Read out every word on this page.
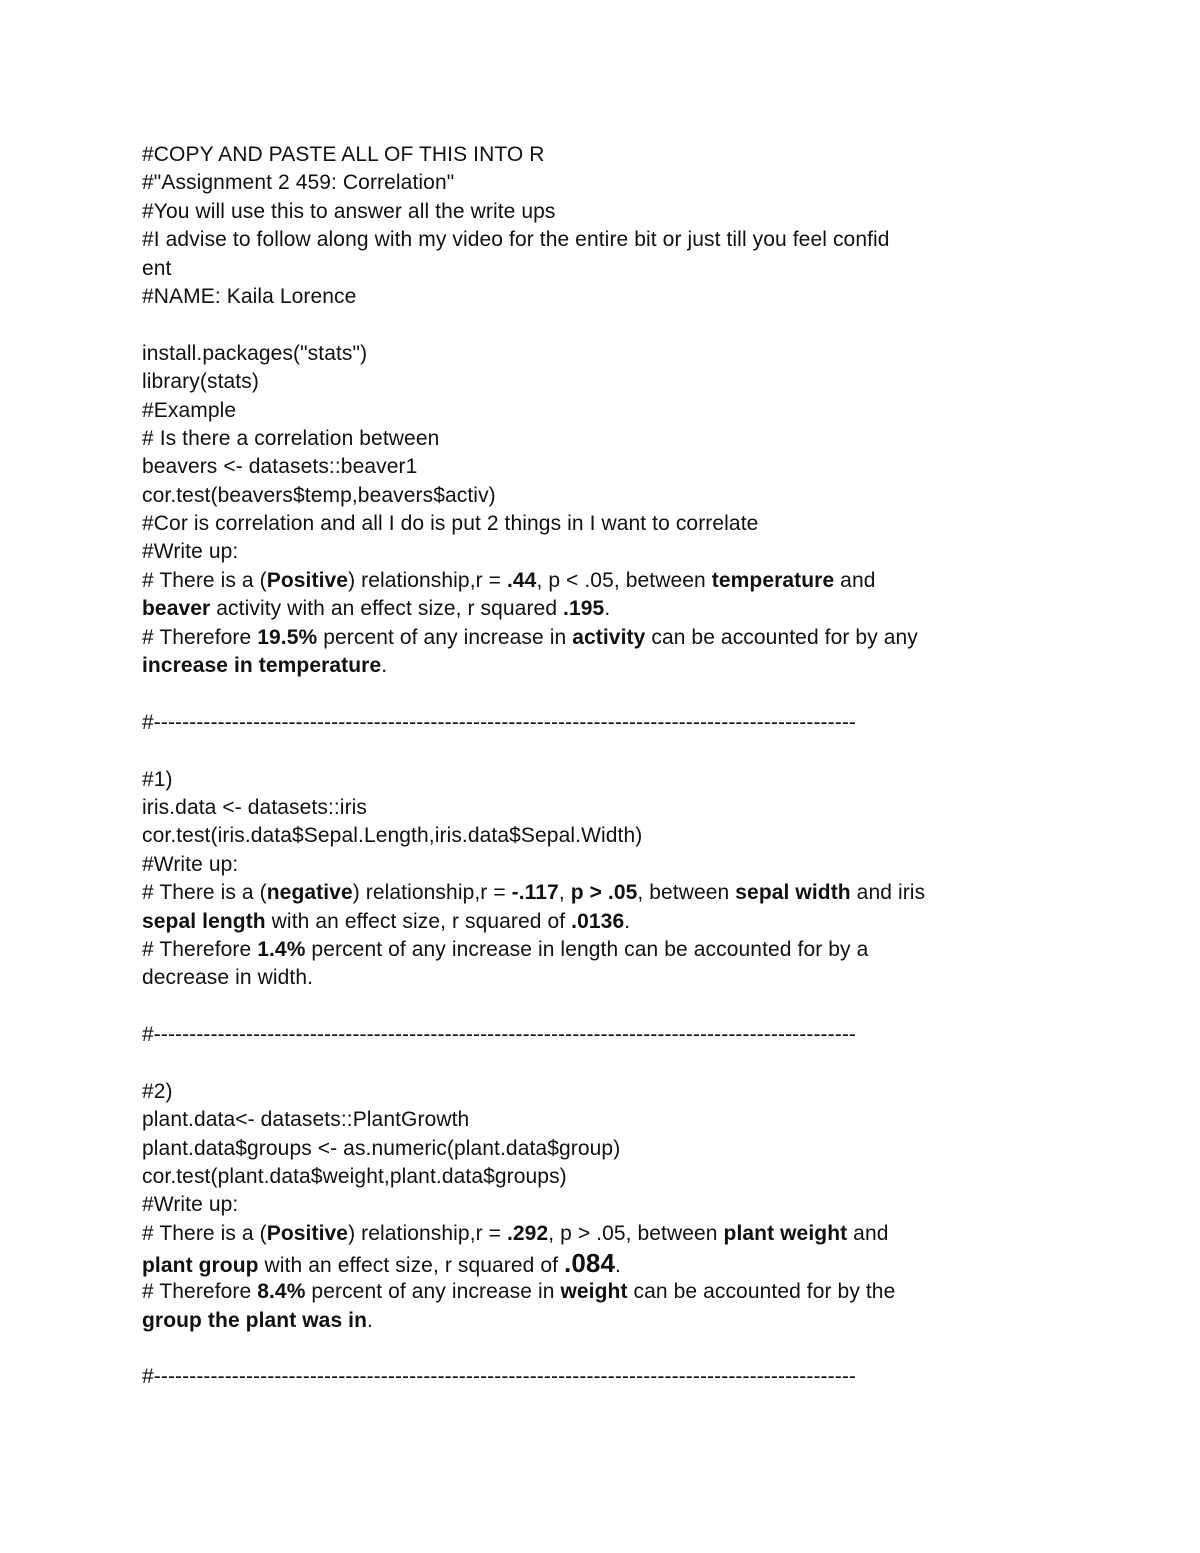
#COPY AND PASTE ALL OF THIS INTO R
#"Assignment 2 459: Correlation"
#You will use this to answer all the write ups
#I advise to follow along with my video for the entire bit or just till you feel confid
ent
#NAME: Kaila Lorence
install.packages("stats")
library(stats)
#Example
# Is there a correlation between
beavers <- datasets::beaver1
cor.test(beavers$temp,beavers$activ)
#Cor is correlation and all I do is put 2 things in I want to correlate
#Write up:
# There is a (Positive) relationship,r = .44, p < .05, between temperature and
beaver activity with an effect size, r squared .195.
# Therefore 19.5% percent of any increase in activity can be accounted for by any
increase in temperature.
#---------------------------------------------------------------------------------------------------
#1)
iris.data <- datasets::iris
cor.test(iris.data$Sepal.Length,iris.data$Sepal.Width)
#Write up:
# There is a (negative) relationship,r = -.117, p > .05, between sepal width and iris
sepal length with an effect size, r squared of .0136.
# Therefore 1.4% percent of any increase in length can be accounted for by a
decrease in width.
#---------------------------------------------------------------------------------------------------
#2)
plant.data<- datasets::PlantGrowth
plant.data$groups <- as.numeric(plant.data$group)
cor.test(plant.data$weight,plant.data$groups)
#Write up:
# There is a (Positive) relationship,r = .292, p > .05, between plant weight and
plant group with an effect size, r squared of .084.
# Therefore 8.4% percent of any increase in weight can be accounted for by the
group the plant was in.
#---------------------------------------------------------------------------------------------------
